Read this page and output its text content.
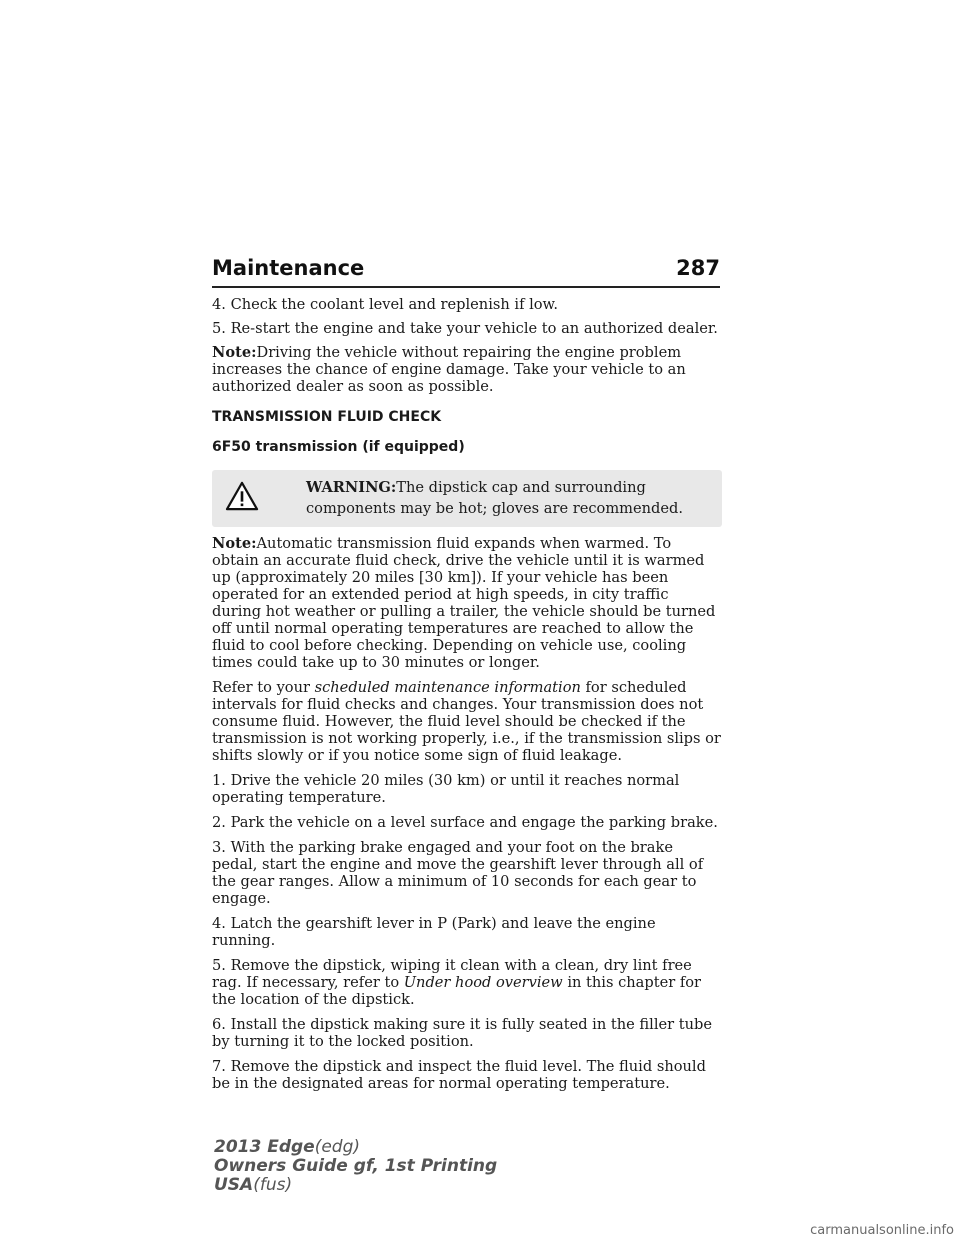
Maintenance	287

4. Check the coolant level and replenish if low.

5. Re-start the engine and take your vehicle to an authorized dealer.

Note:Driving the vehicle without repairing the engine problem increases the chance of engine damage. Take your vehicle to an authorized dealer as soon as possible.

TRANSMISSION FLUID CHECK
6F50 transmission (if equipped)
WARNING:The dipstick cap and surrounding components may be hot; gloves are recommended.

Note:Automatic transmission fluid expands when warmed. To obtain an accurate fluid check, drive the vehicle until it is warmed up (approximately 20 miles [30 km]). If your vehicle has been operated for an extended period at high speeds, in city traffic during hot weather or pulling a trailer, the vehicle should be turned off until normal operating temperatures are reached to allow the fluid to cool before checking. Depending on vehicle use, cooling times could take up to 30 minutes or longer.

Refer to your scheduled maintenance information for scheduled intervals for fluid checks and changes. Your transmission does not consume fluid. However, the fluid level should be checked if the transmission is not working properly, i.e., if the transmission slips or shifts slowly or if you notice some sign of fluid leakage.

1. Drive the vehicle 20 miles (30 km) or until it reaches normal operating temperature.

2. Park the vehicle on a level surface and engage the parking brake.

3. With the parking brake engaged and your foot on the brake pedal, start the engine and move the gearshift lever through all of the gear ranges. Allow a minimum of 10 seconds for each gear to engage.

4. Latch the gearshift lever in P (Park) and leave the engine running.

5. Remove the dipstick, wiping it clean with a clean, dry lint free rag. If necessary, refer to Under hood overview in this chapter for the location of the dipstick.

6. Install the dipstick making sure it is fully seated in the filler tube by turning it to the locked position.

7. Remove the dipstick and inspect the fluid level. The fluid should be in the designated areas for normal operating temperature.

2013 Edge(edg)
Owners Guide gf, 1st Printing
USA(fus)
carmanualsonline.info
